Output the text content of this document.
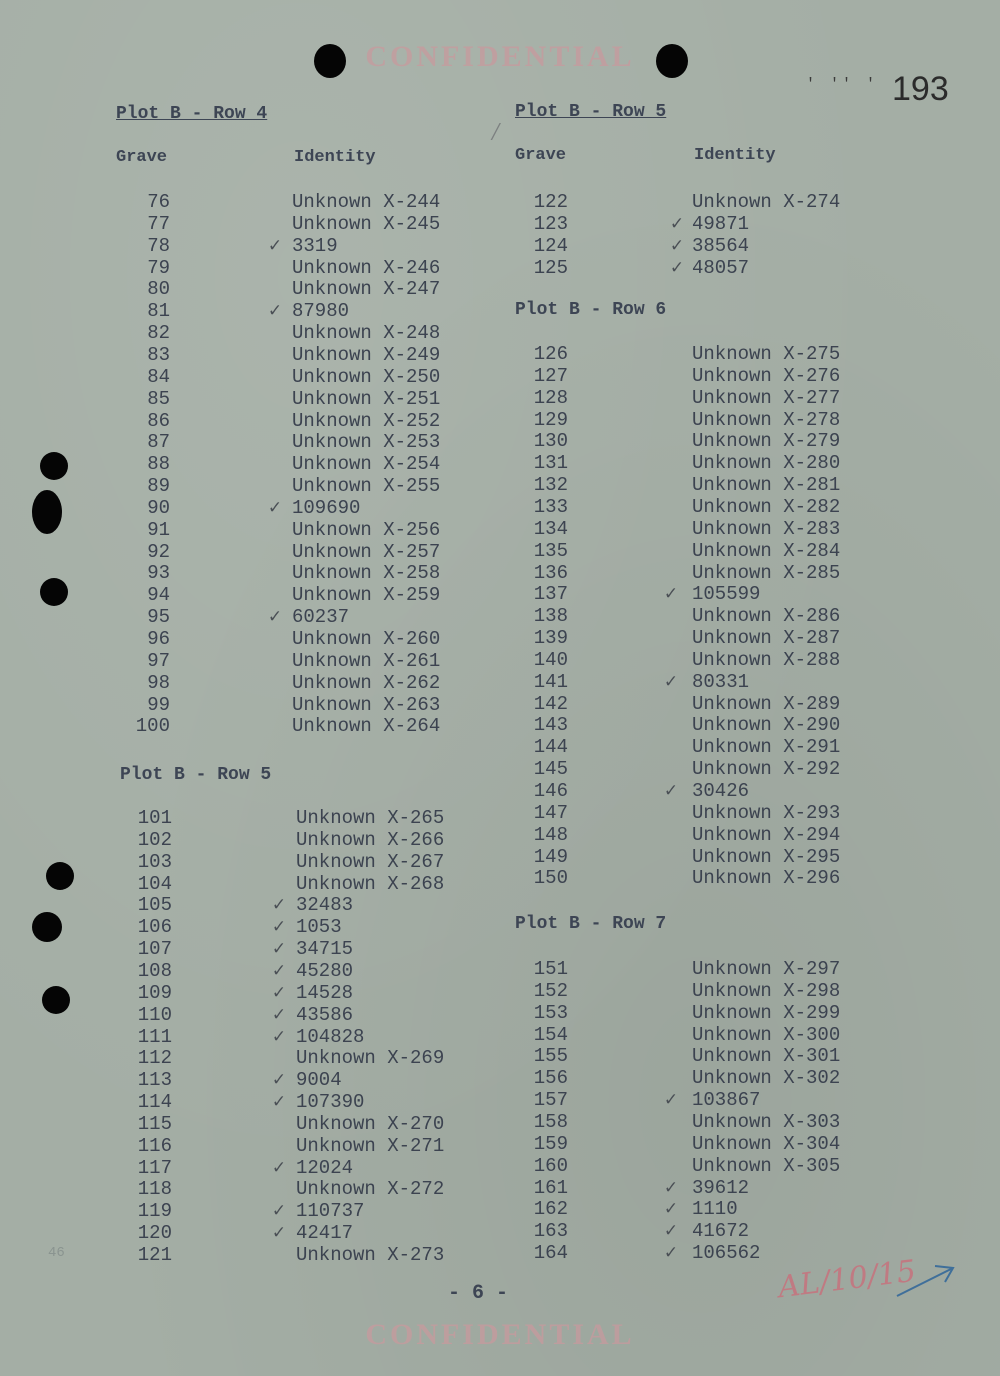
CONFIDENTIAL
CONFIDENTIAL
' '' ' 193
⁄
Plot B - Row 4
Grave	Identity
76	Unknown X-244
77	Unknown X-245
78	✓ 3319
79	Unknown X-246
80	Unknown X-247
81	✓ 87980
82	Unknown X-248
83	Unknown X-249
84	Unknown X-250
85	Unknown X-251
86	Unknown X-252
87	Unknown X-253
88	Unknown X-254
89	Unknown X-255
90	✓ 109690
91	Unknown X-256
92	Unknown X-257
93	Unknown X-258
94	Unknown X-259
95	✓ 60237
96	Unknown X-260
97	Unknown X-261
98	Unknown X-262
99	Unknown X-263
100	Unknown X-264
Plot B - Row 5
101	Unknown X-265
102	Unknown X-266
103	Unknown X-267
104	Unknown X-268
105	✓ 32483
106	✓ 1053
107	✓ 34715
108	✓ 45280
109	✓ 14528
110	✓ 43586
111	✓ 104828
112	Unknown X-269
113	✓ 9004
114	✓ 107390
115	Unknown X-270
116	Unknown X-271
117	✓ 12024
118	Unknown X-272
119	✓ 110737
120	✓ 42417
121	Unknown X-273
Plot B - Row 5
Grave	Identity
122	Unknown X-274
123	✓ 49871
124	✓ 38564
125	✓ 48057
Plot B - Row 6
126	Unknown X-275
127	Unknown X-276
128	Unknown X-277
129	Unknown X-278
130	Unknown X-279
131	Unknown X-280
132	Unknown X-281
133	Unknown X-282
134	Unknown X-283
135	Unknown X-284
136	Unknown X-285
137	✓ 105599
138	Unknown X-286
139	Unknown X-287
140	Unknown X-288
141	✓ 80331
142	Unknown X-289
143	Unknown X-290
144	Unknown X-291
145	Unknown X-292
146	✓ 30426
147	Unknown X-293
148	Unknown X-294
149	Unknown X-295
150	Unknown X-296
Plot B - Row 7
151	Unknown X-297
152	Unknown X-298
153	Unknown X-299
154	Unknown X-300
155	Unknown X-301
156	Unknown X-302
157	✓ 103867
158	Unknown X-303
159	Unknown X-304
160	Unknown X-305
161	✓ 39612
162	✓ 1110
163	✓ 41672
164	✓ 106562
46
- 6 -	AL/10/15
